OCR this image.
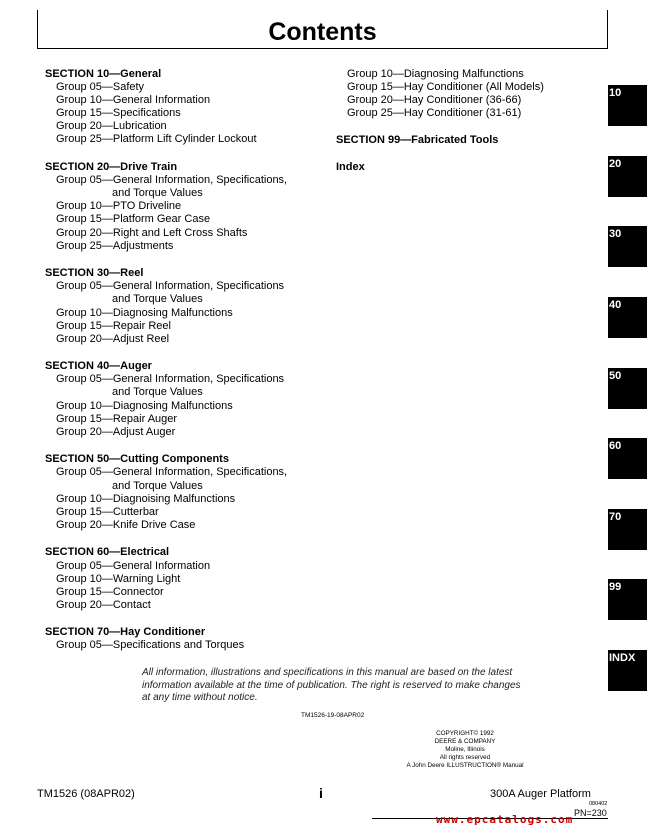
Contents
SECTION 10—General
Group 05—Safety
Group 10—General Information
Group 15—Specifications
Group 20—Lubrication
Group 25—Platform Lift Cylinder Lockout
SECTION 20—Drive Train
Group 05—General Information, Specifications,
and Torque Values
Group 10—PTO Driveline
Group 15—Platform Gear Case
Group 20—Right and Left Cross Shafts
Group 25—Adjustments
SECTION 30—Reel
Group 05—General Information, Specifications
and Torque Values
Group 10—Diagnosing Malfunctions
Group 15—Repair Reel
Group 20—Adjust Reel
SECTION 40—Auger
Group 05—General Information, Specifications
and Torque Values
Group 10—Diagnosing Malfunctions
Group 15—Repair Auger
Group 20—Adjust Auger
SECTION 50—Cutting Components
Group 05—General Information, Specifications,
and Torque Values
Group 10—Diagnoising Malfunctions
Group 15—Cutterbar
Group 20—Knife Drive Case
SECTION 60—Electrical
Group 05—General Information
Group 10—Warning Light
Group 15—Connector
Group 20—Contact
SECTION 70—Hay Conditioner
Group 05—Specifications and Torques
Group 10—Diagnosing Malfunctions
Group 15—Hay Conditioner (All Models)
Group 20—Hay Conditioner (36-66)
Group 25—Hay Conditioner (31-61)
SECTION 99—Fabricated Tools
Index
10
20
30
40
50
60
70
99
INDX
All information, illustrations and specifications in this manual are based on the latest information available at the time of publication. The right is reserved to make changes at any time without notice.
TM1526-19-08APR02
COPYRIGHT© 1992
DEERE & COMPANY
Moline, Illinois
All rights reserved
A John Deere ILLUSTRUCTION® Manual
TM1526 (08APR02)	i	300A Auger Platform
080402
PN=230
www.epcatalogs.com
